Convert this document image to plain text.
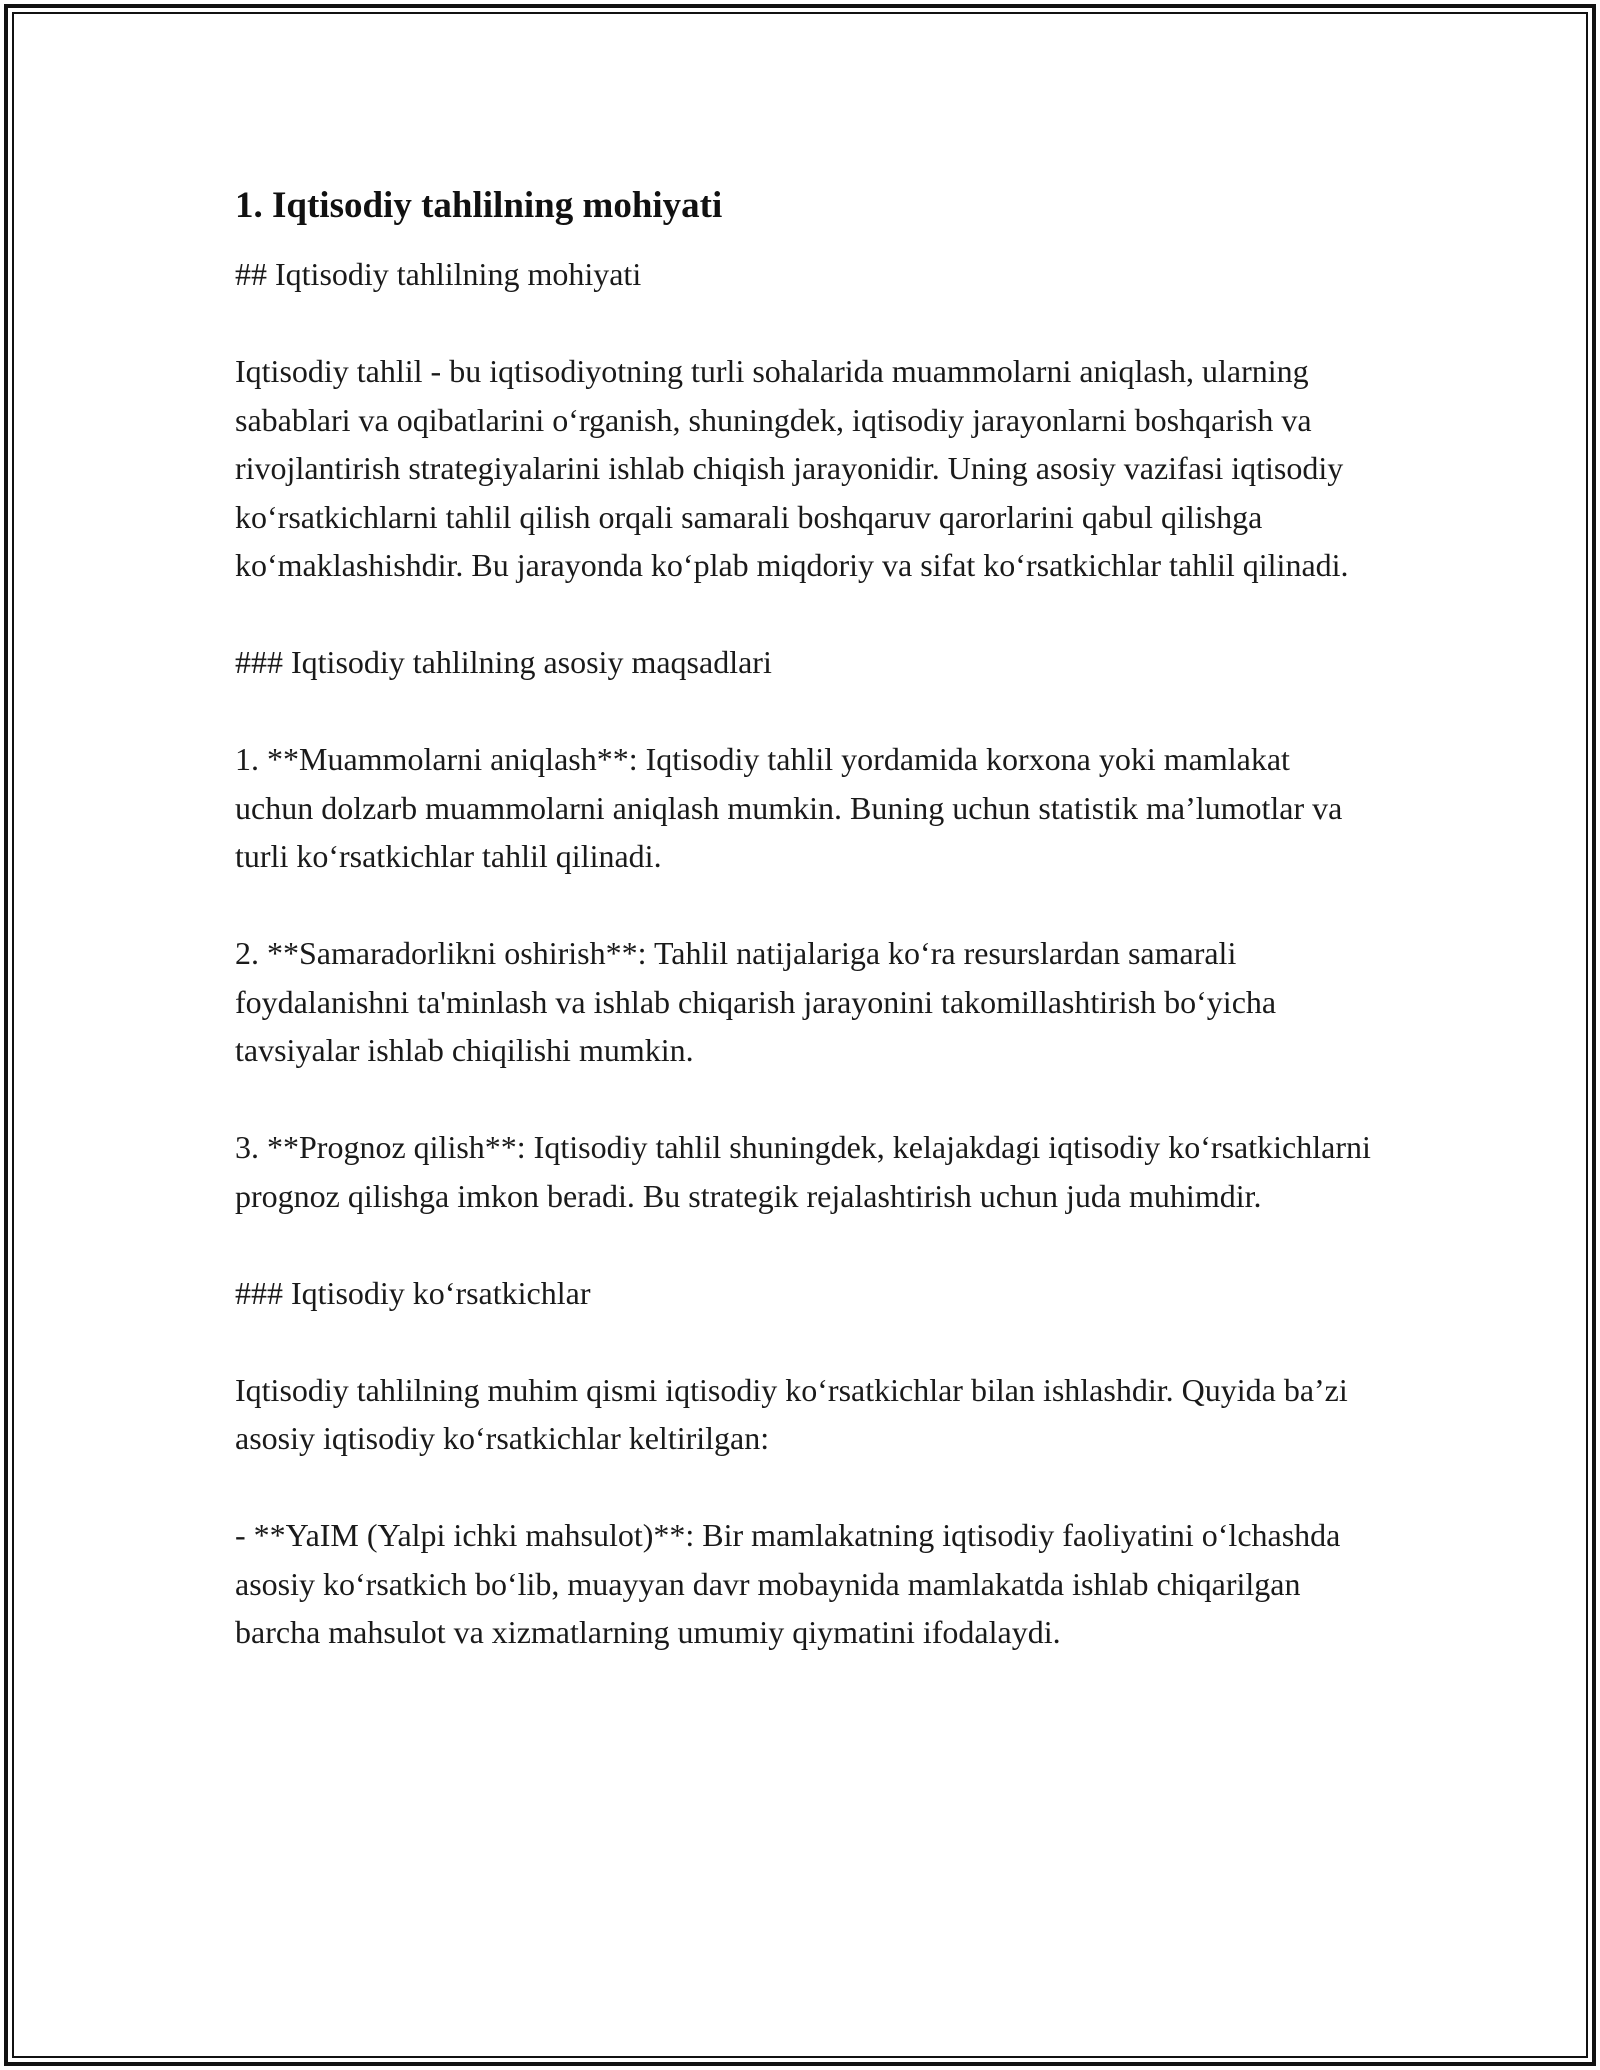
1. Iqtisodiy tahlilning mohiyati

## Iqtisodiy tahlilning mohiyati

Iqtisodiy tahlil - bu iqtisodiyotning turli sohalarida muammolarni aniqlash, ularning sabablari va oqibatlarini o‘rganish, shuningdek, iqtisodiy jarayonlarni boshqarish va rivojlantirish strategiyalarini ishlab chiqish jarayonidir. Uning asosiy vazifasi iqtisodiy ko‘rsatkichlarni tahlil qilish orqali samarali boshqaruv qarorlarini qabul qilishga ko‘maklashishdir. Bu jarayonda ko‘plab miqdoriy va sifat ko‘rsatkichlar tahlil qilinadi.

### Iqtisodiy tahlilning asosiy maqsadlari

1. **Muammolarni aniqlash**: Iqtisodiy tahlil yordamida korxona yoki mamlakat uchun dolzarb muammolarni aniqlash mumkin. Buning uchun statistik ma’lumotlar va turli ko‘rsatkichlar tahlil qilinadi.

2. **Samaradorlikni oshirish**: Tahlil natijalariga ko‘ra resurslardan samarali foydalanishni ta'minlash va ishlab chiqarish jarayonini takomillashtirish bo‘yicha tavsiyalar ishlab chiqilishi mumkin.

3. **Prognoz qilish**: Iqtisodiy tahlil shuningdek, kelajakdagi iqtisodiy ko‘rsatkichlarni prognoz qilishga imkon beradi. Bu strategik rejalashtirish uchun juda muhimdir.

### Iqtisodiy ko‘rsatkichlar

Iqtisodiy tahlilning muhim qismi iqtisodiy ko‘rsatkichlar bilan ishlashdir. Quyida ba’zi asosiy iqtisodiy ko‘rsatkichlar keltirilgan:

- **YaIM (Yalpi ichki mahsulot)**: Bir mamlakatning iqtisodiy faoliyatini o‘lchashda asosiy ko‘rsatkich bo‘lib, muayyan davr mobaynida mamlakatda ishlab chiqarilgan barcha mahsulot va xizmatlarning umumiy qiymatini ifodalaydi.
